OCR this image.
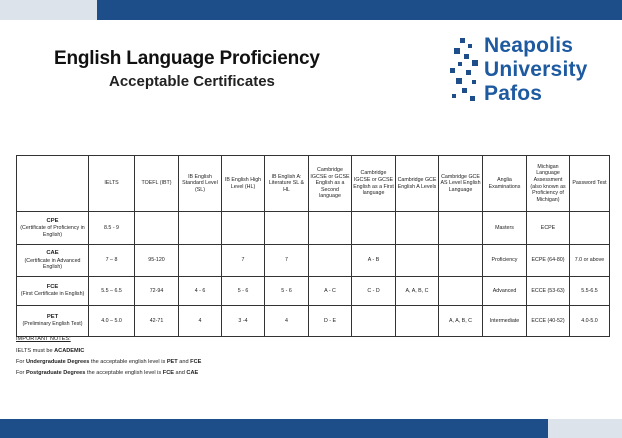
English Language Proficiency
Acceptable Certificates
Neapolis
University
Pafos
	IELTS	TOEFL (IBT)	IB English Standard Level (SL)	IB English High Level (HL)	IB English A: Literature SL & HL	Cambridge IGCSE or GCSE English as a Second language	Cambridge IGCSE or GCSE English as a First language	Cambridge GCE English A Levels	Cambridge GCE AS Level English Language	Anglia Examinations	Michigan Language Assessment (also known as Proficiency of Michigan)	Password Test

CPE
(Certificate of Proficiency in English)	8.5 - 9									Masters	ECPE	

CAE
(Certificate in Advanced English)	7 – 8	95-120		7	7		A - B			Proficiency	ECPE (64-80)	7.0 or above

FCE
(First Certificate in English)	5.5 – 6.5	72-94	4 - 6	5 - 6	5 - 6	A - C	C - D	A, A, B, C		Advanced	ECCE (53-63)	5.5-6.5

PET
(Preliminary English Test)	4.0 – 5.0	42-71	4	3 -4	4	D - E			A, A, B, C	Intermediate	ECCE (40-52)	4.0-5.0
IMPORTANT NOTES:
IELTS must be ACADEMIC
For Undergraduate Degrees the acceptable english level is PET and FCE
For Postgraduate Degrees the acceptable english level is FCE and CAE
